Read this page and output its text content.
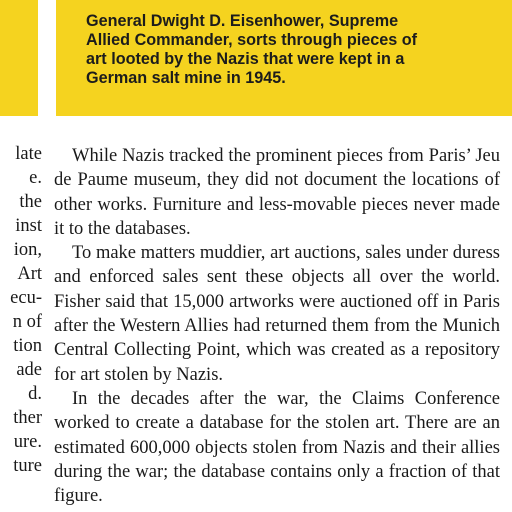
General Dwight D. Eisenhower, Supreme
Allied Commander, sorts through pieces of
art looted by the Nazis that were kept in a
German salt mine in 1945.

late
e.
the
inst
ion,
Art
ecu-
n of
tion
ade
d.
ther
ure.
ture

While Nazis tracked the prominent pieces from Paris’ Jeu de Paume museum, they did not document the locations of other works. Furniture and less-movable pieces never made it to the databases.

To make matters muddier, art auctions, sales under duress and enforced sales sent these objects all over the world. Fisher said that 15,000 artworks were auctioned off in Paris after the Western Allies had returned them from the Munich Central Collecting Point, which was created as a repository for art stolen by Nazis.

In the decades after the war, the Claims Conference worked to create a database for the stolen art. There are an estimated 600,000 objects stolen from Nazis and their allies during the war; the database contains only a fraction of that figure.
